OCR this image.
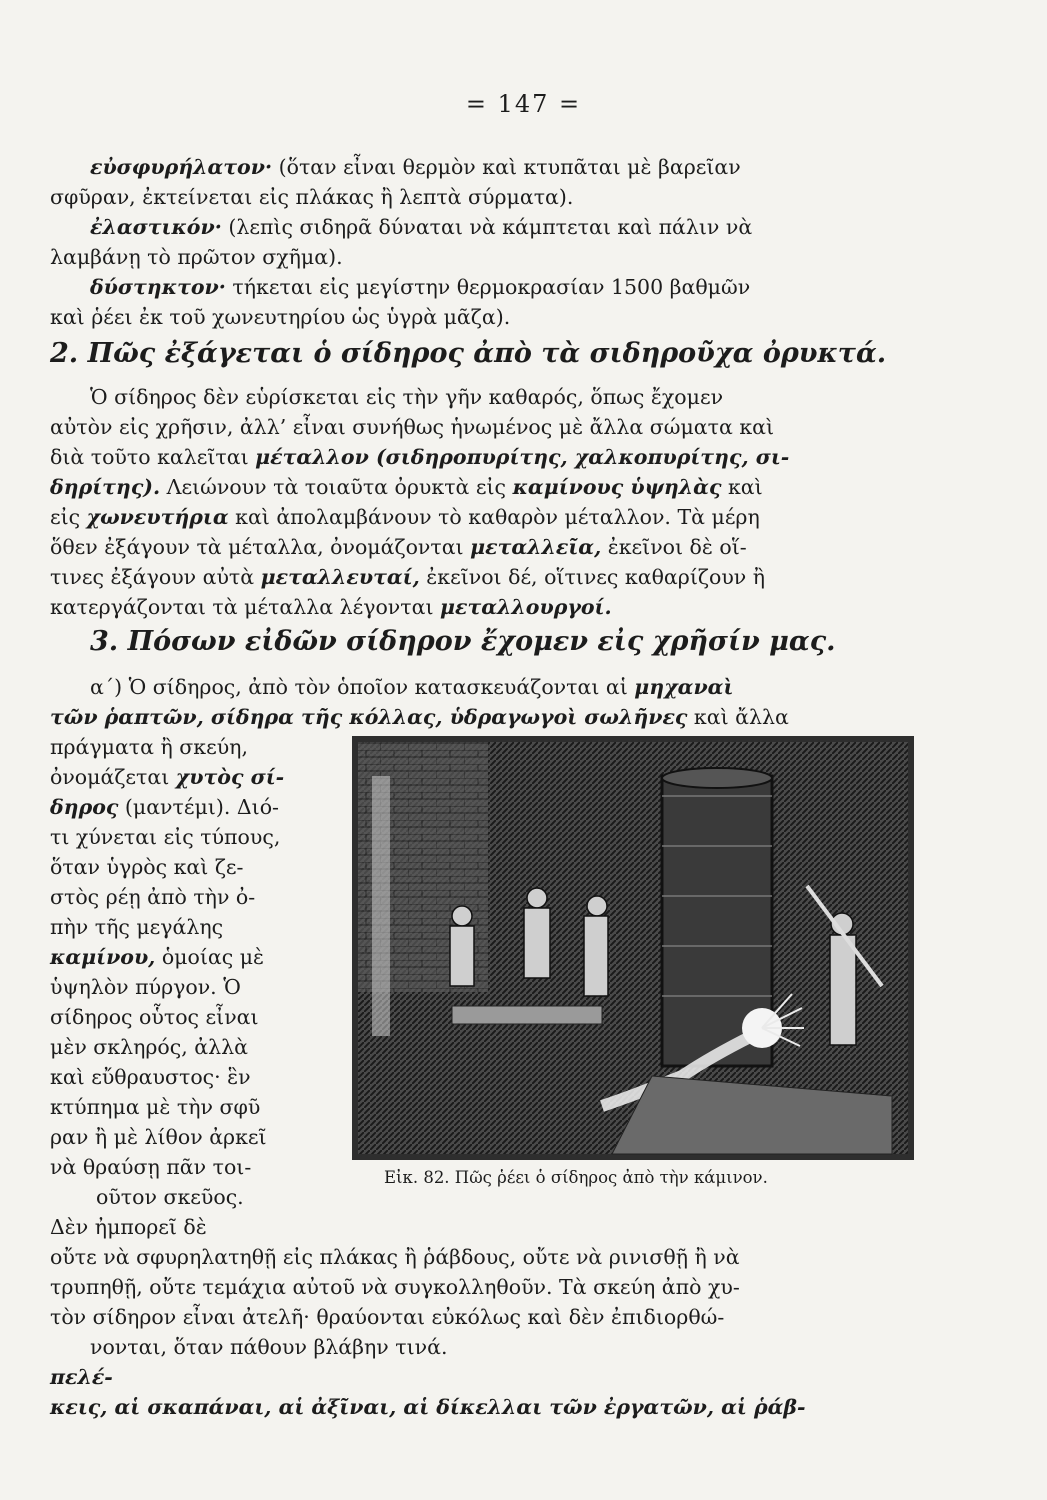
= 147 =
εὐσφυρήλατον· (ὅταν εἶναι θερμὸν καὶ κτυπᾶται μὲ βαρεῖαν
σφῦραν, ἐκτείνεται εἰς πλάκας ἢ λεπτὰ σύρματα).
ἐλαστικόν· (λεπὶς σιδηρᾶ δύναται νὰ κάμπτεται καὶ πάλιν νὰ
λαμβάνῃ τὸ πρῶτον σχῆμα).
δύστηκτον· τήκεται εἰς μεγίστην θερμοκρασίαν 1500 βαθμῶν
καὶ ῥέει ἐκ τοῦ χωνευτηρίου ὡς ὑγρὰ μᾶζα).
2. Πῶς ἐξάγεται ὁ σίδηρος ἀπὸ τὰ σιδηροῦχα ὀρυκτά.
Ὁ σίδηρος δὲν εὑρίσκεται εἰς τὴν γῆν καθαρός, ὅπως ἔχομεν
αὐτὸν εἰς χρῆσιν, ἀλλ’ εἶναι συνήθως ἡνωμένος μὲ ἄλλα σώματα καὶ
διὰ τοῦτο καλεῖται μέταλλον (σιδηροπυρίτης, χαλκοπυρίτης, σι-
δηρίτης). Λειώνουν τὰ τοιαῦτα ὀρυκτὰ εἰς καμίνους ὑψηλὰς καὶ
εἰς χωνευτήρια καὶ ἀπολαμβάνουν τὸ καθαρὸν μέταλλον. Τὰ μέρη
ὅθεν ἐξάγουν τὰ μέταλλα, ὀνομάζονται μεταλλεῖα, ἐκεῖνοι δὲ οἵ-
τινες ἐξάγουν αὐτὰ μεταλλευταί, ἐκεῖνοι δέ, οἵτινες καθαρίζουν ἢ
κατεργάζονται τὰ μέταλλα λέγονται μεταλλουργοί.
3. Πόσων εἰδῶν σίδηρον ἔχομεν εἰς χρῆσίν μας.
α΄) Ὁ σίδηρος, ἀπὸ τὸν ὁποῖον κατασκευάζονται αἱ μηχαναὶ
τῶν ῥαπτῶν, σίδηρα τῆς κόλλας, ὑδραγωγοὶ σωλῆνες καὶ ἄλλα
πράγματα ἢ σκεύη,
ὀνομάζεται χυτὸς σί-
δηρος (μαντέμι). Διό-
τι χύνεται εἰς τύπους,
ὅταν ὑγρὸς καὶ ζε-
στὸς ρέῃ ἀπὸ τὴν ὀ-
πὴν τῆς μεγάλης
καμίνου, ὁμοίας μὲ
ὑψηλὸν πύργον. Ὁ
σίδηρος οὗτος εἶναι
μὲν σκληρός, ἀλλὰ
καὶ εὔθραυστος· ἓν
κτύπημα μὲ τὴν σφῦ
ραν ἢ μὲ λίθον ἀρκεῖ
νὰ θραύσῃ πᾶν τοι-
οῦτον σκεῦος.
Εἰκ. 82. Πῶς ῥέει ὁ σίδηρος ἀπὸ τὴν κάμινον.
Δὲν ἠμπορεῖ δὲ
οὔτε νὰ σφυρηλατηθῇ εἰς πλάκας ἢ ῥάβδους, οὔτε νὰ ρινισθῇ ἢ νὰ
τρυπηθῇ, οὔτε τεμάχια αὐτοῦ νὰ συγκολληθοῦν. Τὰ σκεύη ἀπὸ χυ-
τὸν σίδηρον εἶναι ἀτελῆ· θραύονται εὐκόλως καὶ δὲν ἐπιδιορθώ-
νονται, ὅταν πάθουν βλάβην τινά.
πελέ-
κεις, αἱ σκαπάναι, αἱ ἀξῖναι, αἱ δίκελλαι τῶν ἐργατῶν, αἱ ῥάβ-
